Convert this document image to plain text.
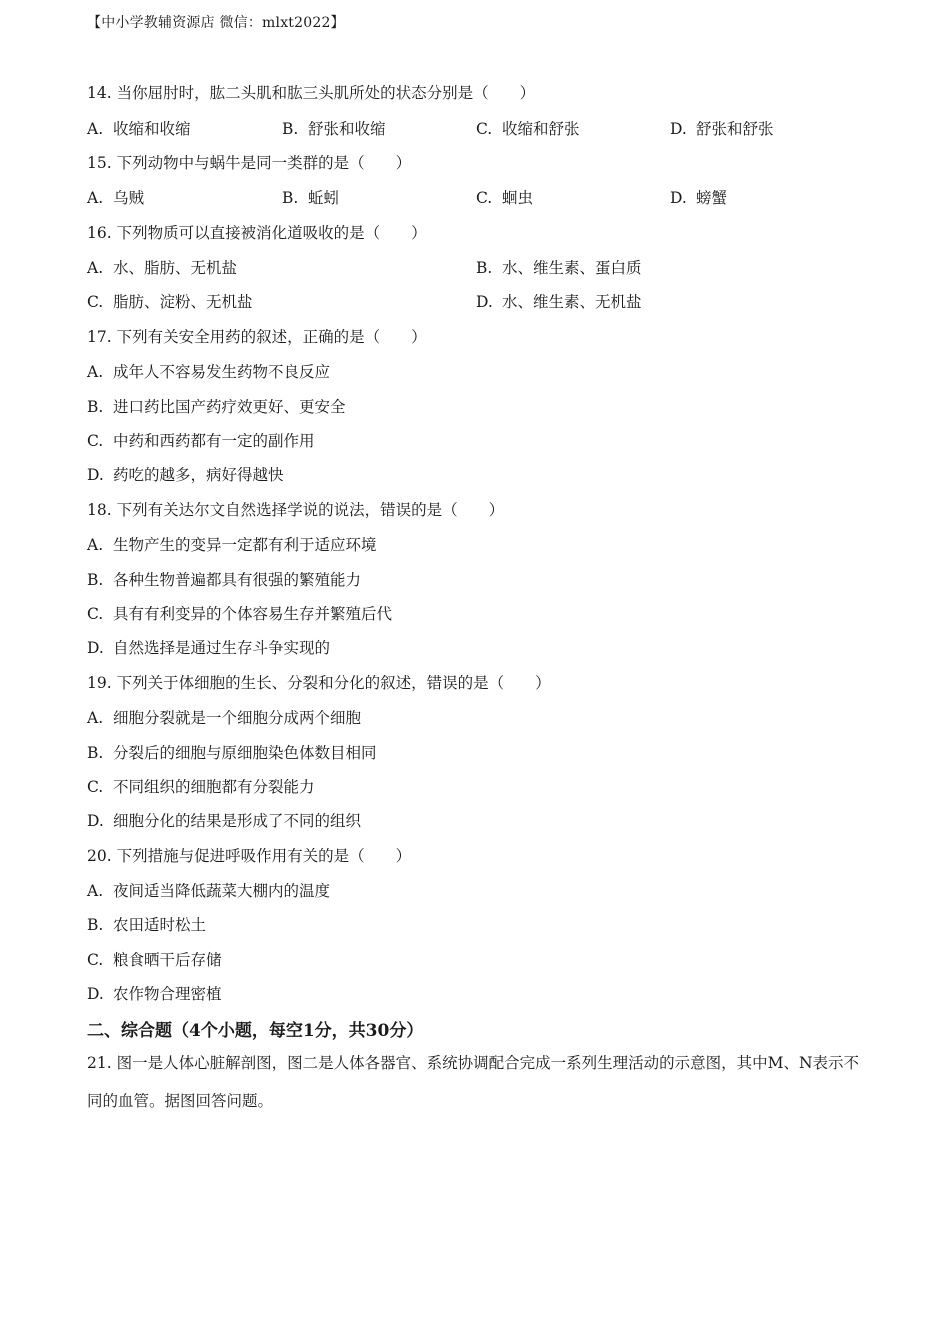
【中小学教辅资源店 微信：mlxt2022】
14. 当你屈肘时，肱二头肌和肱三头肌所处的状态分别是（　　）
A. 收缩和收缩	B. 舒张和收缩	C. 收缩和舒张	D. 舒张和舒张
15. 下列动物中与蜗牛是同一类群的是（　　）
A. 乌贼	B. 蚯蚓	C. 蛔虫	D. 螃蟹
16. 下列物质可以直接被消化道吸收的是（　　）
A. 水、脂肪、无机盐	B. 水、维生素、蛋白质
C. 脂肪、淀粉、无机盐	D. 水、维生素、无机盐
17. 下列有关安全用药的叙述，正确的是（　　）
A. 成年人不容易发生药物不良反应
B. 进口药比国产药疗效更好、更安全
C. 中药和西药都有一定的副作用
D. 药吃的越多，病好得越快
18. 下列有关达尔文自然选择学说的说法，错误的是（　　）
A. 生物产生的变异一定都有利于适应环境
B. 各种生物普遍都具有很强的繁殖能力
C. 具有有利变异的个体容易生存并繁殖后代
D. 自然选择是通过生存斗争实现的
19. 下列关于体细胞的生长、分裂和分化的叙述，错误的是（　　）
A. 细胞分裂就是一个细胞分成两个细胞
B. 分裂后的细胞与原细胞染色体数目相同
C. 不同组织的细胞都有分裂能力
D. 细胞分化的结果是形成了不同的组织
20. 下列措施与促进呼吸作用有关的是（　　）
A. 夜间适当降低蔬菜大棚内的温度
B. 农田适时松土
C. 粮食晒干后存储
D. 农作物合理密植
二、综合题（4个小题，每空1分，共30分）
21. 图一是人体心脏解剖图，图二是人体各器官、系统协调配合完成一系列生理活动的示意图，其中M、N表示不同的血管。据图回答问题。
